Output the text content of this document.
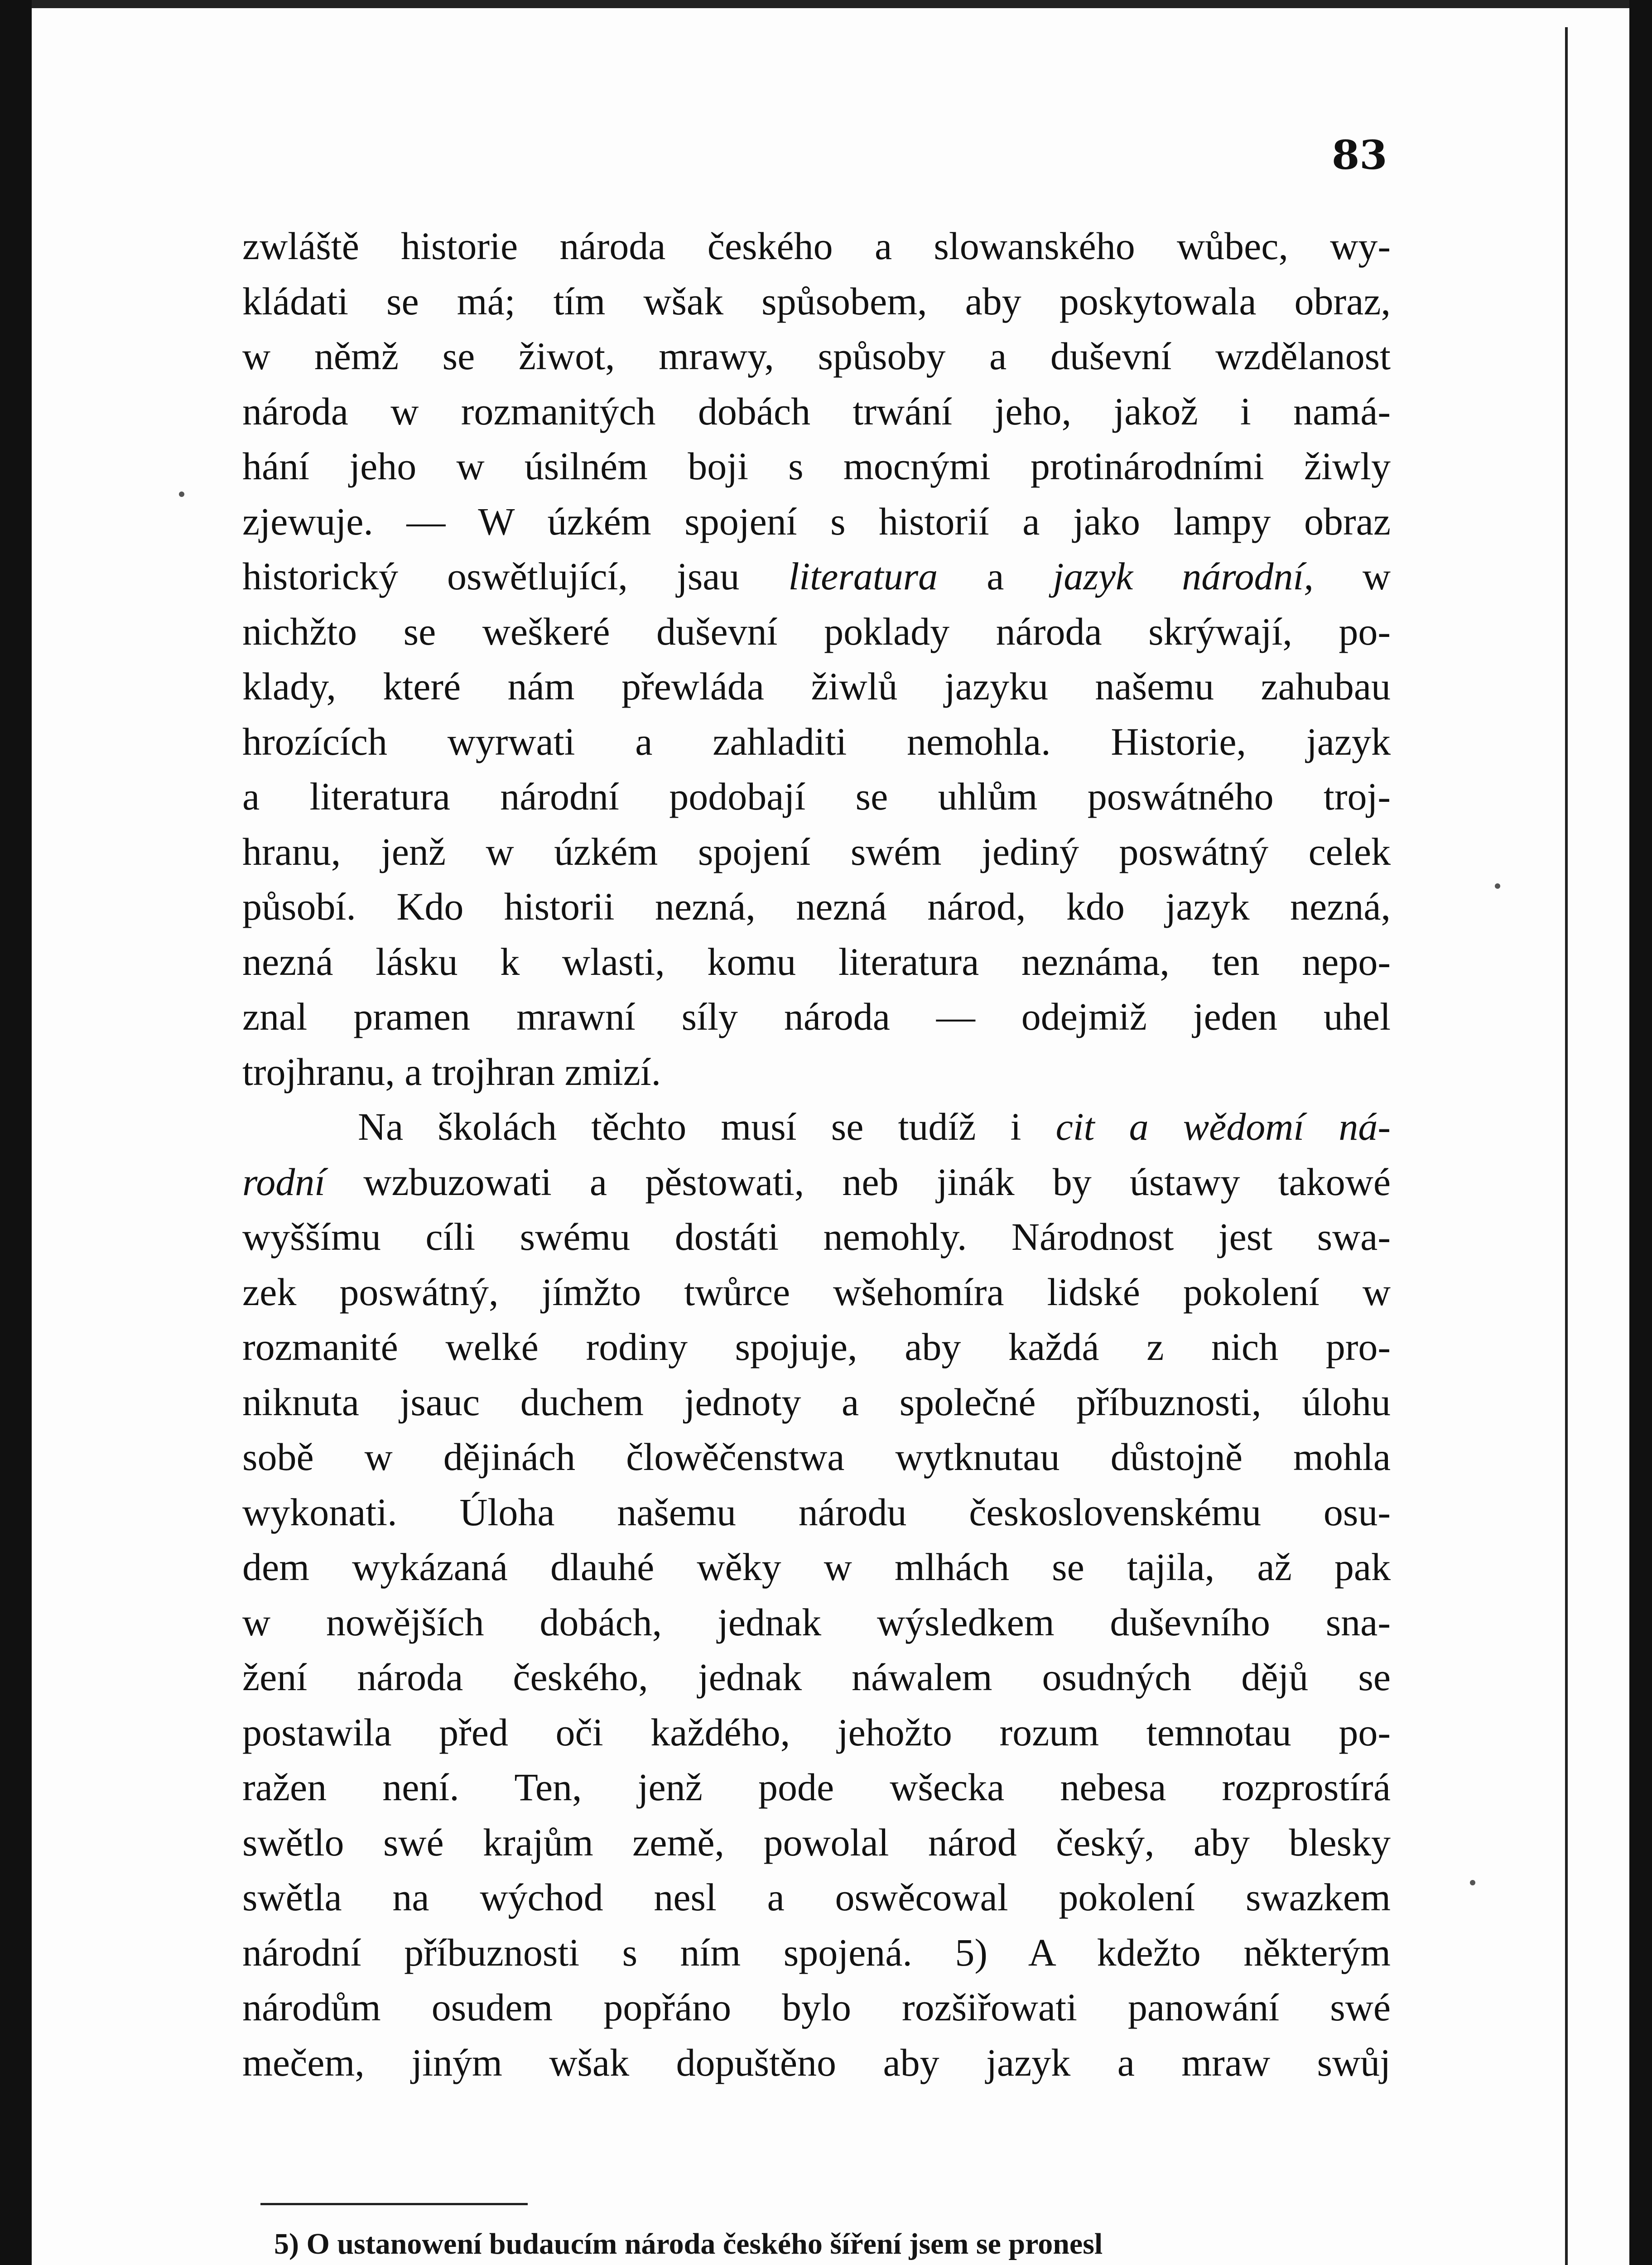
83
zwláště historie národa českého a slowanského wůbec, wy-
kládati se má; tím wšak spůsobem, aby poskytowala obraz,
w němž se žiwot, mrawy, spůsoby a duševní wzdělanost
národa w rozmanitých dobách trwání jeho, jakož i namá-
hání jeho w úsilném boji s mocnými protinárodními žiwly
zjewuje. — W úzkém spojení s historií a jako lampy obraz
historický oswětlující, jsau literatura a jazyk národní, w
nichžto se weškeré duševní poklady národa skrýwají, po-
klady, které nám přewláda žiwlů jazyku našemu zahubau
hrozících wyrwati a zahladiti nemohla. Historie, jazyk
a literatura národní podobají se uhlům poswátného troj-
hranu, jenž w úzkém spojení swém jediný poswátný celek
působí. Kdo historii nezná, nezná národ, kdo jazyk nezná,
nezná lásku k wlasti, komu literatura neznáma, ten nepo-
znal pramen mrawní síly národa — odejmiž jeden uhel
trojhranu, a trojhran zmizí.
Na školách těchto musí se tudíž i cit a wědomí ná-
rodní wzbuzowati a pěstowati, neb jinák by ústawy takowé
wyššímu cíli swému dostáti nemohly. Národnost jest swa-
zek poswátný, jímžto twůrce wšehomíra lidské pokolení w
rozmanité welké rodiny spojuje, aby každá z nich pro-
niknuta jsauc duchem jednoty a společné příbuznosti, úlohu
sobě w dějinách člowěčenstwa wytknutau důstojně mohla
wykonati. Úloha našemu národu československému osu-
dem wykázaná dlauhé wěky w mlhách se tajila, až pak
w nowějších dobách, jednak wýsledkem duševního sna-
žení národa českého, jednak náwalem osudných dějů se
postawila před oči každého, jehožto rozum temnotau po-
ražen není. Ten, jenž pode wšecka nebesa rozprostírá
swětlo swé krajům země, powolal národ český, aby blesky
swětla na wýchod nesl a oswěcowal pokolení swazkem
národní příbuznosti s ním spojená. 5) A kdežto některým
národům osudem popřáno bylo rozšiřowati panowání swé
mečem, jiným wšak dopuštěno aby jazyk a mraw swůj
5) O ustanowení budaucím národa českého šíření jsem se pronesl
